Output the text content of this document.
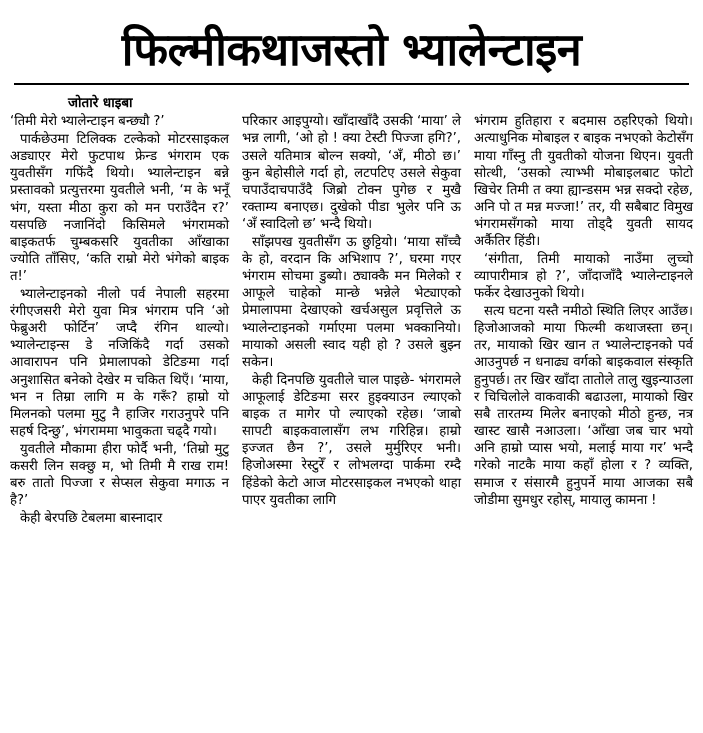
फिल्मीकथाजस्तो भ्यालेन्टाइन
जोतारे धाइबा

‘तिमी मेरो भ्यालेन्टाइन बन्छ्यौ ?’

पार्कछेउमा टिलिक्क टल्केको मोटरसाइकल अड्याएर मेरो फुटपाथ फ्रेन्ड भंगराम एक युवतीसँग गफिंदै थियो। भ्यालेन्टाइन बन्ने प्रस्तावको प्रत्युत्तरमा युवतीले भनी, ‘म के भनूँ भंग, यस्ता मीठा कुरा को मन पराउँदैन र?’ यसपछि नजानिंदो किसिमले भंगरामको बाइकतर्फ चुम्बकसरि युवतीका आँखाका ज्योति ताँसिए, ‘कति राम्रो मेरो भंगेको बाइक त!’

भ्यालेन्टाइनको नीलो पर्व नेपाली सहरमा रंगीएजसरी मेरो युवा मित्र भंगराम पनि ‘ओ फेब्रुअरी फोर्टिन’ जप्दै रंगिन थाल्यो। भ्यालेन्टाइन्स डे नजिकिंदै गर्दा उसको आवारापन पनि प्रेमालापको डेटिङमा गर्दा अनुशासित बनेको देखेर म चकित थिएँ। ‘माया, भन न तिम्रा लागि म के गरूँ? हाम्रो यो मिलनको पलमा मुटु नै हाजिर गराउनुपरे पनि सहर्ष दिन्छु’, भंगराममा भावुकता चढ्दै गयो।

युवतीले मौकामा हीरा फोर्दै भनी, ‘तिम्रो मुटु कसरी लिन सक्छु म, भो तिमी मै राख राम! बरु तातो पिज्जा र सेप्सल सेकुवा मगाऊ न है?’

केही बेरपछि टेबलमा बास्नादार

परिकार आइपुग्यो। खाँदाखाँदै उसकी ‘माया’ ले भन्न लागी, ‘ओ हो ! क्या टेस्टी पिज्जा हगि?’, उसले यतिमात्र बोल्न सक्यो, ‘अँ, मीठो छ।’ कुन बेहोसीले गर्दा हो, लटपटिए उसले सेकुवा चपाउँदाचपाउँदै जिब्रो टोक्न पुगेछ र मुखै रक्ताम्य बनाएछ। दुखेको पीडा भुलेर पनि ऊ ‘अँ स्वादिलो छ’ भन्दै थियो।

साँझपख युवतीसँग ऊ छुट्टियो। ‘माया साँच्चै के हो, वरदान कि अभिशाप ?’, घरमा गएर भंगराम सोचमा डुब्यो। ठ्याक्कै मन मिलेको र आफूले चाहेको मान्छे भन्नेले भेट्याएको प्रेमालापमा देखाएको खर्चअसुल प्रवृत्तिले ऊ भ्यालेन्टाइनको गर्माएमा पलमा भक्कानियो। मायाको असली स्वाद यही हो ? उसले बुझ्न सकेन।

केही दिनपछि युवतीले चाल पाइछे- भंगरामले आफूलाई डेटिङमा सरर हुइक्याउन ल्याएको बाइक त मागेर पो ल्याएको रहेछ। ‘जाबो सापटी बाइकवालासँग लभ गरिहिन्न। हाम्रो इज्जत छैन ?’, उसले मुर्मुरिएर भनी। हिजोअस्मा रेस्टुरेँ र लोभलग्दा पार्कमा रम्दै हिंडेको केटो आज मोटरसाइकल नभएको थाहा पाएर युवतीका लागि

भंगराम हुतिहारा र बदमास ठहरिएको थियो। अत्याधुनिक मोबाइल र बाइक नभएको केटोसँग माया गाँस्नु ती युवतीको योजना थिएन। युवती सोत्थी, ‘उसको त्याभ्भी मोबाइलबाट फोटो खिचेर तिमी त क्या ह्यान्डसम भन्न सक्दो रहेछ, अनि पो त मन्न मज्जा!’ तर, यी सबैबाट विमुख भंगरामसँगको माया तोड्दै युवती सायद अर्कैतिर हिंडी।

‘संगीता, तिमी मायाको नाउँमा लुच्चो व्यापारीमात्र हो ?’, जाँदाजाँदै भ्यालेन्टाइनले फर्केर देखाउनुको थियो।

सत्य घटना यस्तै नमीठो स्थिति लिएर आउँछ। हिजोआजको माया फिल्मी कथाजस्ता छन्। तर, मायाको खिर खान त भ्यालेन्टाइनको पर्व आउनुपर्छ न धनाढ्य वर्गको बाइकवाल संस्कृति हुनुपर्छ। तर खिर खाँदा तातोले तालु खुइन्याउला र चिचिलोले वाकवाकी बढाउला, मायाको खिर सबै तारतम्य मिलेर बनाएको मीठो हुन्छ, नत्र खास्ट खासै नआउला। ‘आँखा जब चार भयो अनि हाम्रो प्यास भयो, मलाई माया गर’ भन्दै गरेको नाटकै माया कहाँ होला र ? व्यक्ति, समाज र संसारमै हुनुपर्ने माया आजका सबै जोडीमा सुमधुर रहोस्, मायालु कामना !
